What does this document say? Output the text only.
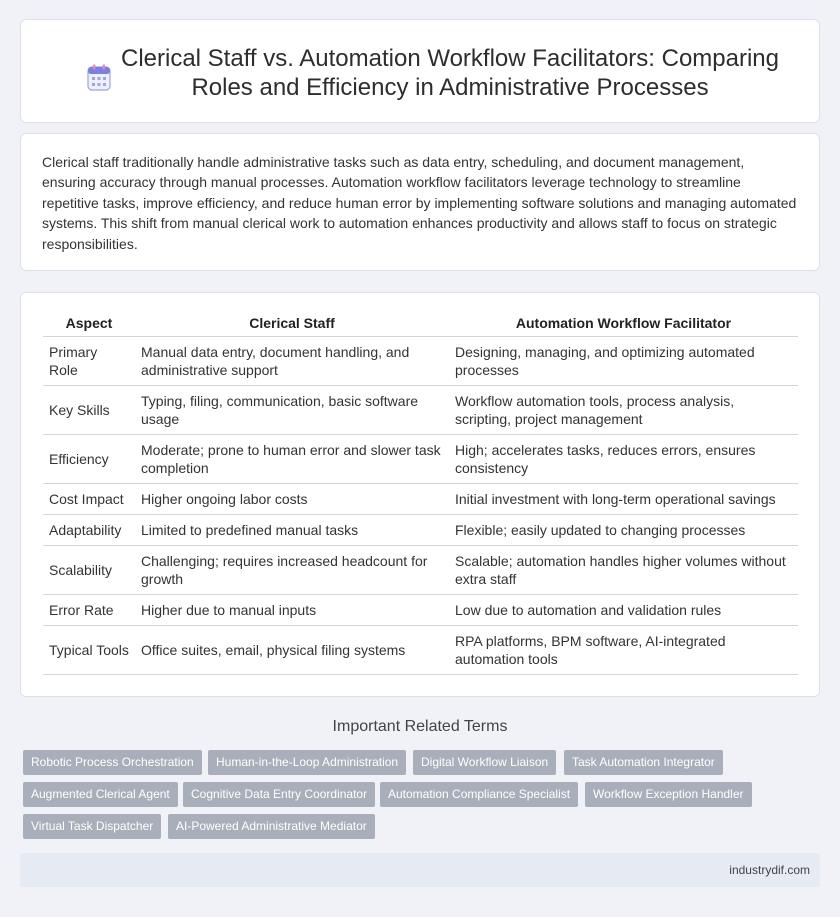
Clerical Staff vs. Automation Workflow Facilitators: Comparing Roles and Efficiency in Administrative Processes

Clerical staff traditionally handle administrative tasks such as data entry, scheduling, and document management, ensuring accuracy through manual processes. Automation workflow facilitators leverage technology to streamline repetitive tasks, improve efficiency, and reduce human error by implementing software solutions and managing automated systems. This shift from manual clerical work to automation enhances productivity and allows staff to focus on strategic responsibilities.

Aspect	Clerical Staff	Automation Workflow Facilitator
Primary Role	Manual data entry, document handling, and administrative support	Designing, managing, and optimizing automated processes
Key Skills	Typing, filing, communication, basic software usage	Workflow automation tools, process analysis, scripting, project management
Efficiency	Moderate; prone to human error and slower task completion	High; accelerates tasks, reduces errors, ensures consistency
Cost Impact	Higher ongoing labor costs	Initial investment with long-term operational savings
Adaptability	Limited to predefined manual tasks	Flexible; easily updated to changing processes
Scalability	Challenging; requires increased headcount for growth	Scalable; automation handles higher volumes without extra staff
Error Rate	Higher due to manual inputs	Low due to automation and validation rules
Typical Tools	Office suites, email, physical filing systems	RPA platforms, BPM software, AI-integrated automation tools
Important Related Terms
Robotic Process Orchestration	Human-in-the-Loop Administration	Digital Workflow Liaison	Task Automation Integrator
Augmented Clerical Agent	Cognitive Data Entry Coordinator	Automation Compliance Specialist	Workflow Exception Handler
Virtual Task Dispatcher	AI-Powered Administrative Mediator
industrydif.com
